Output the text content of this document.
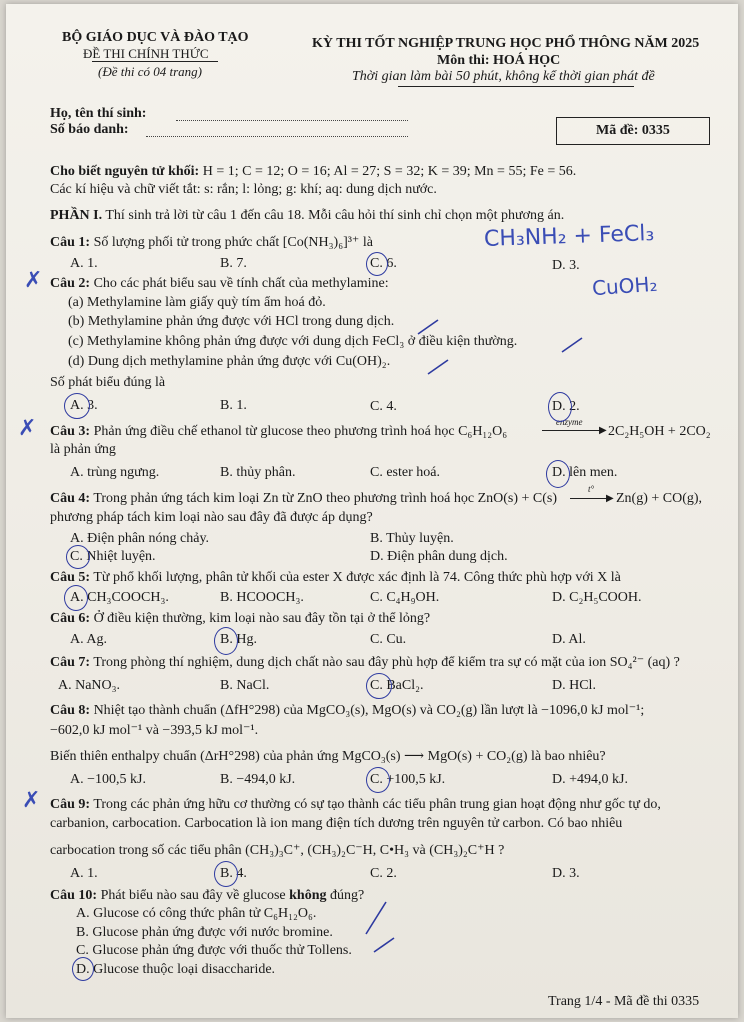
BỘ GIÁO DỤC VÀ ĐÀO TẠO
ĐỀ THI CHÍNH THỨC
(Đề thi có 04 trang)
KỲ THI TỐT NGHIỆP TRUNG HỌC PHỔ THÔNG NĂM 2025
Môn thi: HOÁ HỌC
Thời gian làm bài 50 phút, không kể thời gian phát đề
Họ, tên thí sinh:
Số báo danh:	Mã đề: 0335
Cho biết nguyên tử khối: H = 1; C = 12; O = 16; Al = 27; S = 32; K = 39; Mn = 55; Fe = 56.
Các kí hiệu và chữ viết tắt: s: rắn; l: lỏng; g: khí; aq: dung dịch nước.
PHẦN I. Thí sinh trả lời từ câu 1 đến câu 18. Mỗi câu hỏi thí sinh chỉ chọn một phương án.
Câu 1: Số lượng phối tử trong phức chất [Co(NH₃)₆]³⁺ là
A. 1.	B. 7.	C. 6.	D. 3.
Câu 2: Cho các phát biểu sau về tính chất của methylamine:
(a) Methylamine làm giấy quỳ tím ẩm hoá đỏ.
(b) Methylamine phản ứng được với HCl trong dung dịch.
(c) Methylamine không phản ứng được với dung dịch FeCl₃ ở điều kiện thường.
(d) Dung dịch methylamine phản ứng được với Cu(OH)₂.
Số phát biểu đúng là
A. 3.	B. 1.	C. 4.	D. 2.
Câu 3: Phản ứng điều chế ethanol từ glucose theo phương trình hoá học C₆H₁₂O₆	▶
enzyme
2C₂H₅OH + 2CO₂
là phản ứng
A. trùng ngưng.	B. thủy phân.	C. ester hoá.	D. lên men.
Câu 4: Trong phản ứng tách kim loại Zn từ ZnO theo phương trình hoá học ZnO(s) + C(s)	▶
t°
Zn(g) + CO(g),
phương pháp tách kim loại nào sau đây đã được áp dụng?
A. Điện phân nóng chảy.	B. Thủy luyện.
C. Nhiệt luyện.	D. Điện phân dung dịch.
Câu 5: Từ phổ khối lượng, phân tử khối của ester X được xác định là 74. Công thức phù hợp với X là
A. CH₃COOCH₃.	B. HCOOCH₃.	C. C₄H₉OH.	D. C₂H₅COOH.
Câu 6: Ở điều kiện thường, kim loại nào sau đây tồn tại ở thể lỏng?
A. Ag.	B. Hg.	C. Cu.	D. Al.
Câu 7: Trong phòng thí nghiệm, dung dịch chất nào sau đây phù hợp để kiểm tra sự có mặt của ion SO₄²⁻ (aq) ?
A. NaNO₃.	B. NaCl.	C. BaCl₂.	D. HCl.
Câu 8: Nhiệt tạo thành chuẩn (ΔfH°298) của MgCO₃(s), MgO(s) và CO₂(g) lần lượt là −1096,0 kJ mol⁻¹;
−602,0 kJ mol⁻¹ và −393,5 kJ mol⁻¹.
Biến thiên enthalpy chuẩn (ΔrH°298) của phản ứng MgCO₃(s) ⟶ MgO(s) + CO₂(g) là bao nhiêu?
A. −100,5 kJ.	B. −494,0 kJ.	C. +100,5 kJ.	D. +494,0 kJ.
Câu 9: Trong các phản ứng hữu cơ thường có sự tạo thành các tiểu phân trung gian hoạt động như gốc tự do,
carbanion, carbocation. Carbocation là ion mang điện tích dương trên nguyên tử carbon. Có bao nhiêu
carbocation trong số các tiểu phân (CH₃)₃C⁺, (CH₃)₂C⁻H, C•H₃ và (CH₃)₂C⁺H ?
A. 1.	B. 4.	C. 2.	D. 3.
Câu 10: Phát biểu nào sau đây về glucose không đúng?
A. Glucose có công thức phân tử C₆H₁₂O₆.
B. Glucose phản ứng được với nước bromine.
C. Glucose phản ứng được với thuốc thử Tollens.
D. Glucose thuộc loại disaccharide.
Trang 1/4 - Mã đề thi 0335
CH₃NH₂ + FeCl₃
CuOH₂
✗
✗
✗
